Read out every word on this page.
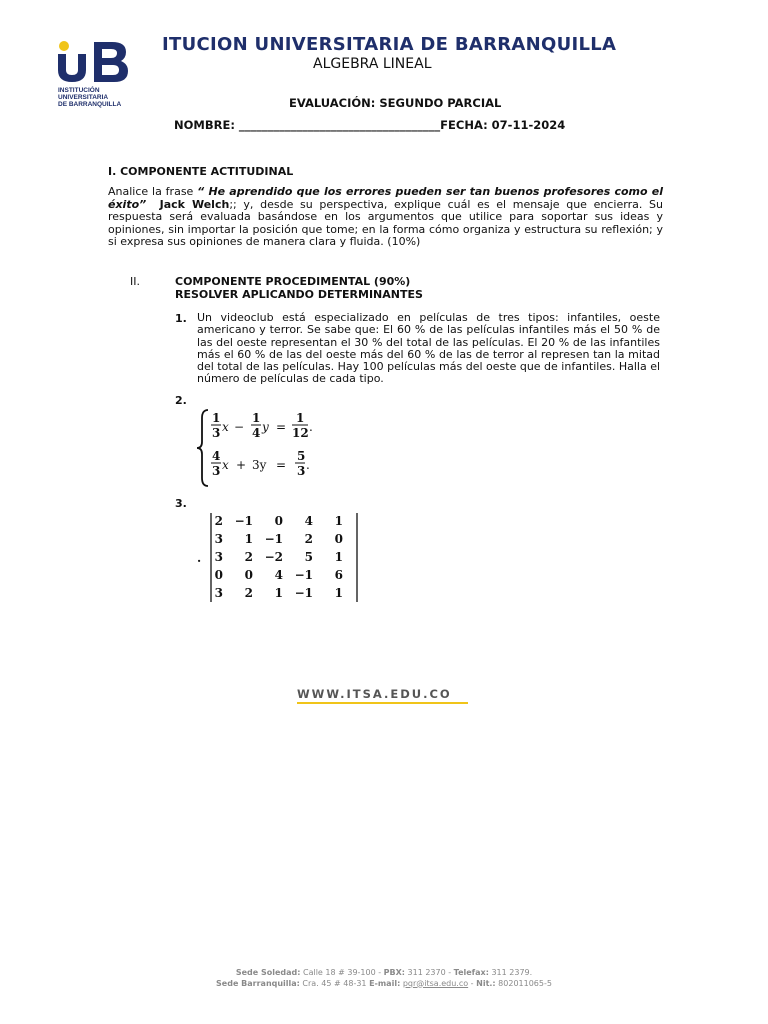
INSTITUCIÓN
UNIVERSITARIA
DE BARRANQUILLA
ITUCION UNIVERSITARIA DE BARRANQUILLA
ALGEBRA LINEAL
EVALUACIÓN: SEGUNDO PARCIAL
NOMBRE: ___________________________________FECHA: 07-11-2024
I. COMPONENTE ACTITUDINAL
Analice la frase “ He aprendido que los errores pueden ser tan buenos profesores como el éxito” Jack Welch;; y, desde su perspectiva, explique cuál es el mensaje que encierra. Su respuesta será evaluada basándose en los argumentos que utilice para soportar sus ideas y opiniones, sin importar la posición que tome; en la forma cómo organiza y estructura su reflexión; y si expresa sus opiniones de manera clara y fluida. (10%)
II.	COMPONENTE PROCEDIMENTAL (90%)
RESOLVER APLICANDO DETERMINANTES
1. Un videoclub está especializado en películas de tres tipos: infantiles, oeste americano y terror. Se sabe que: El 60 % de las películas infantiles más el 50 % de las del oeste representan el 30 % del total de las películas. El 20 % de las infantiles más el 60 % de las del oeste más del 60 % de las de terror al represen tan la mitad del total de las películas. Hay 100 películas más del oeste que de infantiles. Halla el número de películas de cada tipo.
2.
1
3 x −
1
4 y =
1
12 .
4
3 x + 3y =
5
3 .
3.
.
2 −1 0 4 1
3 1 −1 2 0
3 2 −2 5 1
0 0 4 −1 6
3 2 1 −1 1
WWW.ITSA.EDU.CO
Sede Soledad: Calle 18 # 39-100 - PBX: 311 2370 - Telefax: 311 2379.
Sede Barranquilla: Cra. 45 # 48-31 E-mail: pqr@itsa.edu.co - Nit.: 802011065-5
